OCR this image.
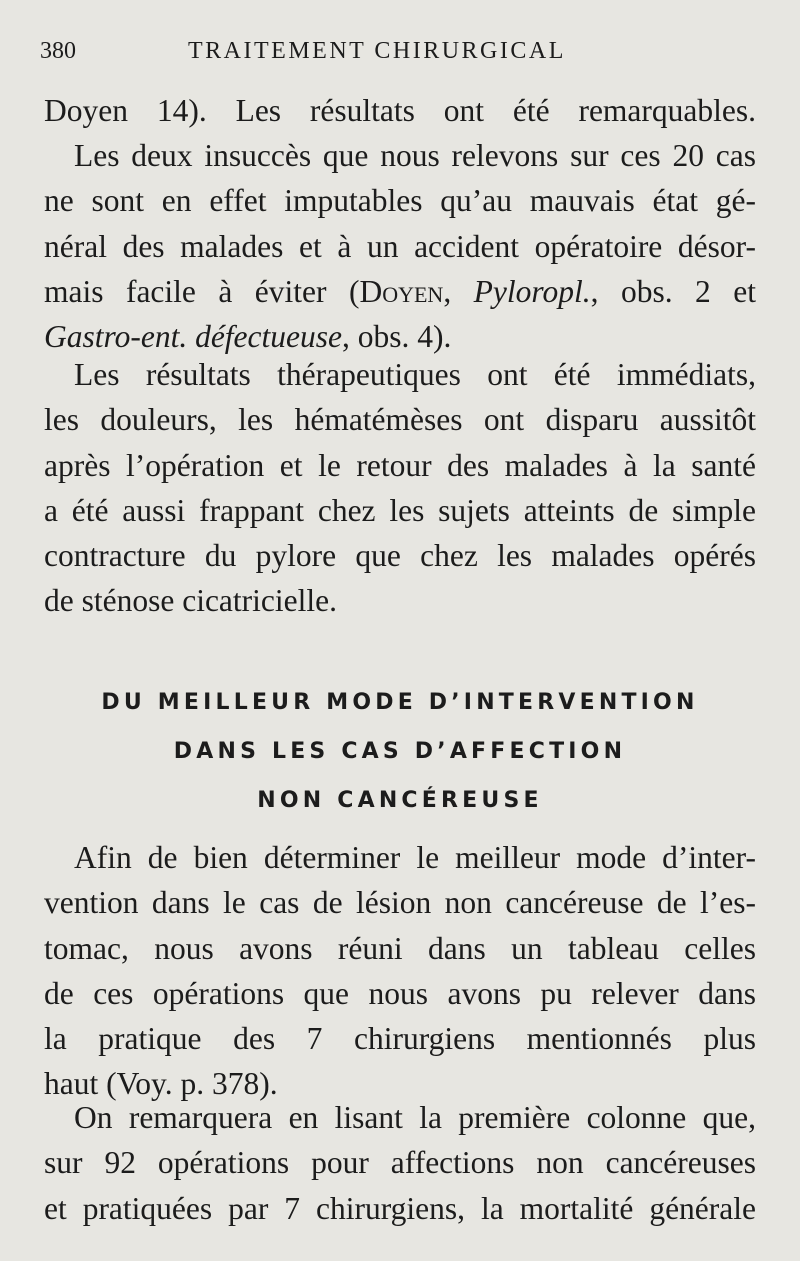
380	TRAITEMENT CHIRURGICAL
Doyen 14). Les résultats ont été remarquables.
Les deux insuccès que nous relevons sur ces 20 cas
ne sont en effet imputables qu’au mauvais état gé-
néral des malades et à un accident opératoire désor-
mais facile à éviter (Doyen, Pyloropl., obs. 2 et
Gastro-ent. défectueuse, obs. 4).
Les résultats thérapeutiques ont été immédiats,
les douleurs, les hématémèses ont disparu aussitôt
après l’opération et le retour des malades à la santé
a été aussi frappant chez les sujets atteints de simple
contracture du pylore que chez les malades opérés
de sténose cicatricielle.
DU MEILLEUR MODE D’INTERVENTION
DANS LES CAS D’AFFECTION
NON CANCÉREUSE
Afin de bien déterminer le meilleur mode d’inter-
vention dans le cas de lésion non cancéreuse de l’es-
tomac, nous avons réuni dans un tableau celles
de ces opérations que nous avons pu relever dans
la pratique des 7 chirurgiens mentionnés plus
haut (Voy. p. 378).
On remarquera en lisant la première colonne que,
sur 92 opérations pour affections non cancéreuses
et pratiquées par 7 chirurgiens, la mortalité générale
